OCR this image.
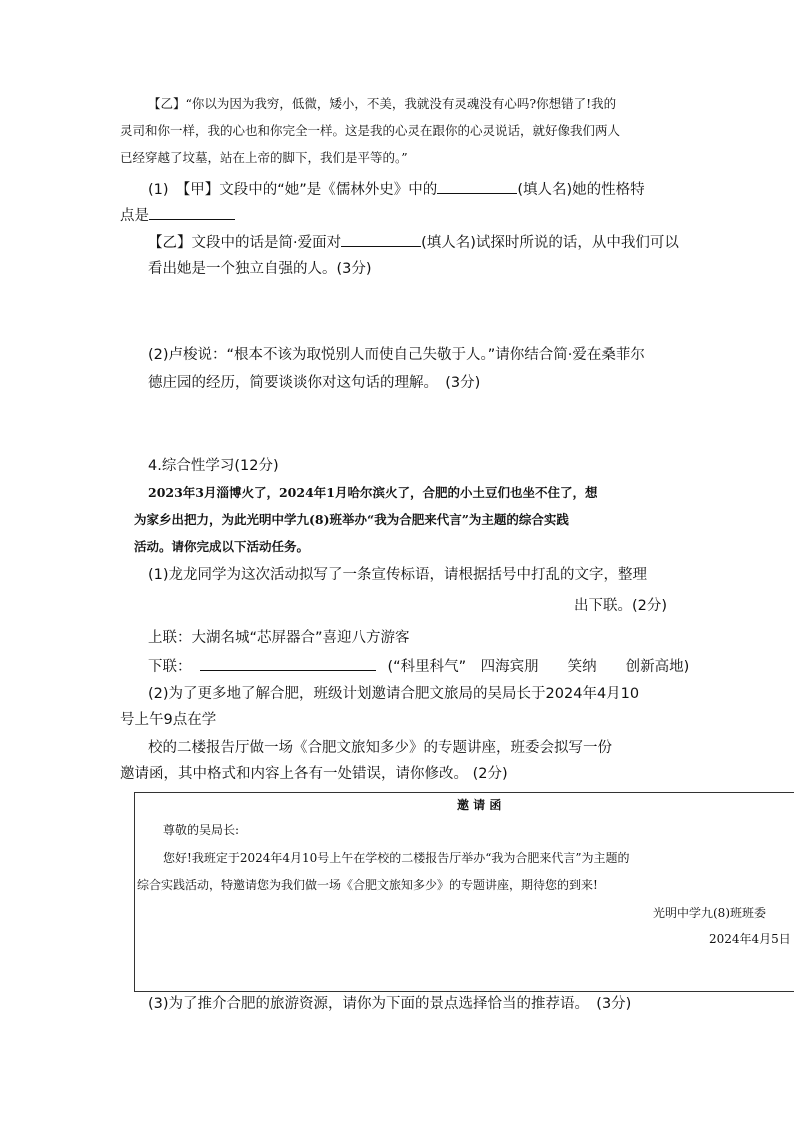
【乙】“你以为因为我穷，低微，矮小，不美，我就没有灵魂没有心吗?你想错了!我的
灵司和你一样，我的心也和你完全一样。这是我的心灵在跟你的心灵说话，就好像我们两人
已经穿越了坟墓，站在上帝的脚下，我们是平等的。”
(1)　【甲】文段中的“她”是《儒林外史》中的	(填人名)她的性格特
点是
【乙】文段中的话是简·爱面对	(填人名)试探时所说的话，从中我们可以
看出她是一个独立自强的人。(3分)
(2)卢梭说：“根本不该为取悦别人而使自己失敬于人。”请你结合简·爱在桑菲尔
德庄园的经历，简要谈谈你对这句话的理解。　(3分)
4.综合性学习(12分)
2023年3月淄博火了，2024年1月哈尔滨火了，合肥的小土豆们也坐不住了，想
为家乡出把力，为此光明中学九(8)班举办“我为合肥来代言”为主题的综合实践
活动。请你完成以下活动任务。
(1)龙龙同学为这次活动拟写了一条宣传标语，请根据括号中打乱的文字，整理
出下联。(2分)
上联：大湖名城“芯屏器合”喜迎八方游客
下联：	(“科里科气”　四海宾朋　　笑纳　　创新高地)
(2)为了更多地了解合肥，班级计划邀请合肥文旅局的吴局长于2024年4月10
号上午9点在学
校的二楼报告厅做一场《合肥文旅知多少》的专题讲座，班委会拟写一份
邀请函，其中格式和内容上各有一处错误，请你修改。 (2分)
邀 请 函
尊敬的吴局长:
您好!我班定于2024年4月10号上午在学校的二楼报告厅举办“我为合肥来代言”为主题的
综合实践活动，特邀请您为我们做一场《合肥文旅知多少》的专题讲座，期待您的到来!
光明中学九(8)班班委
2024年4月5日
(3)为了推介合肥的旅游资源，请你为下面的景点选择恰当的推荐语。　(3分)
